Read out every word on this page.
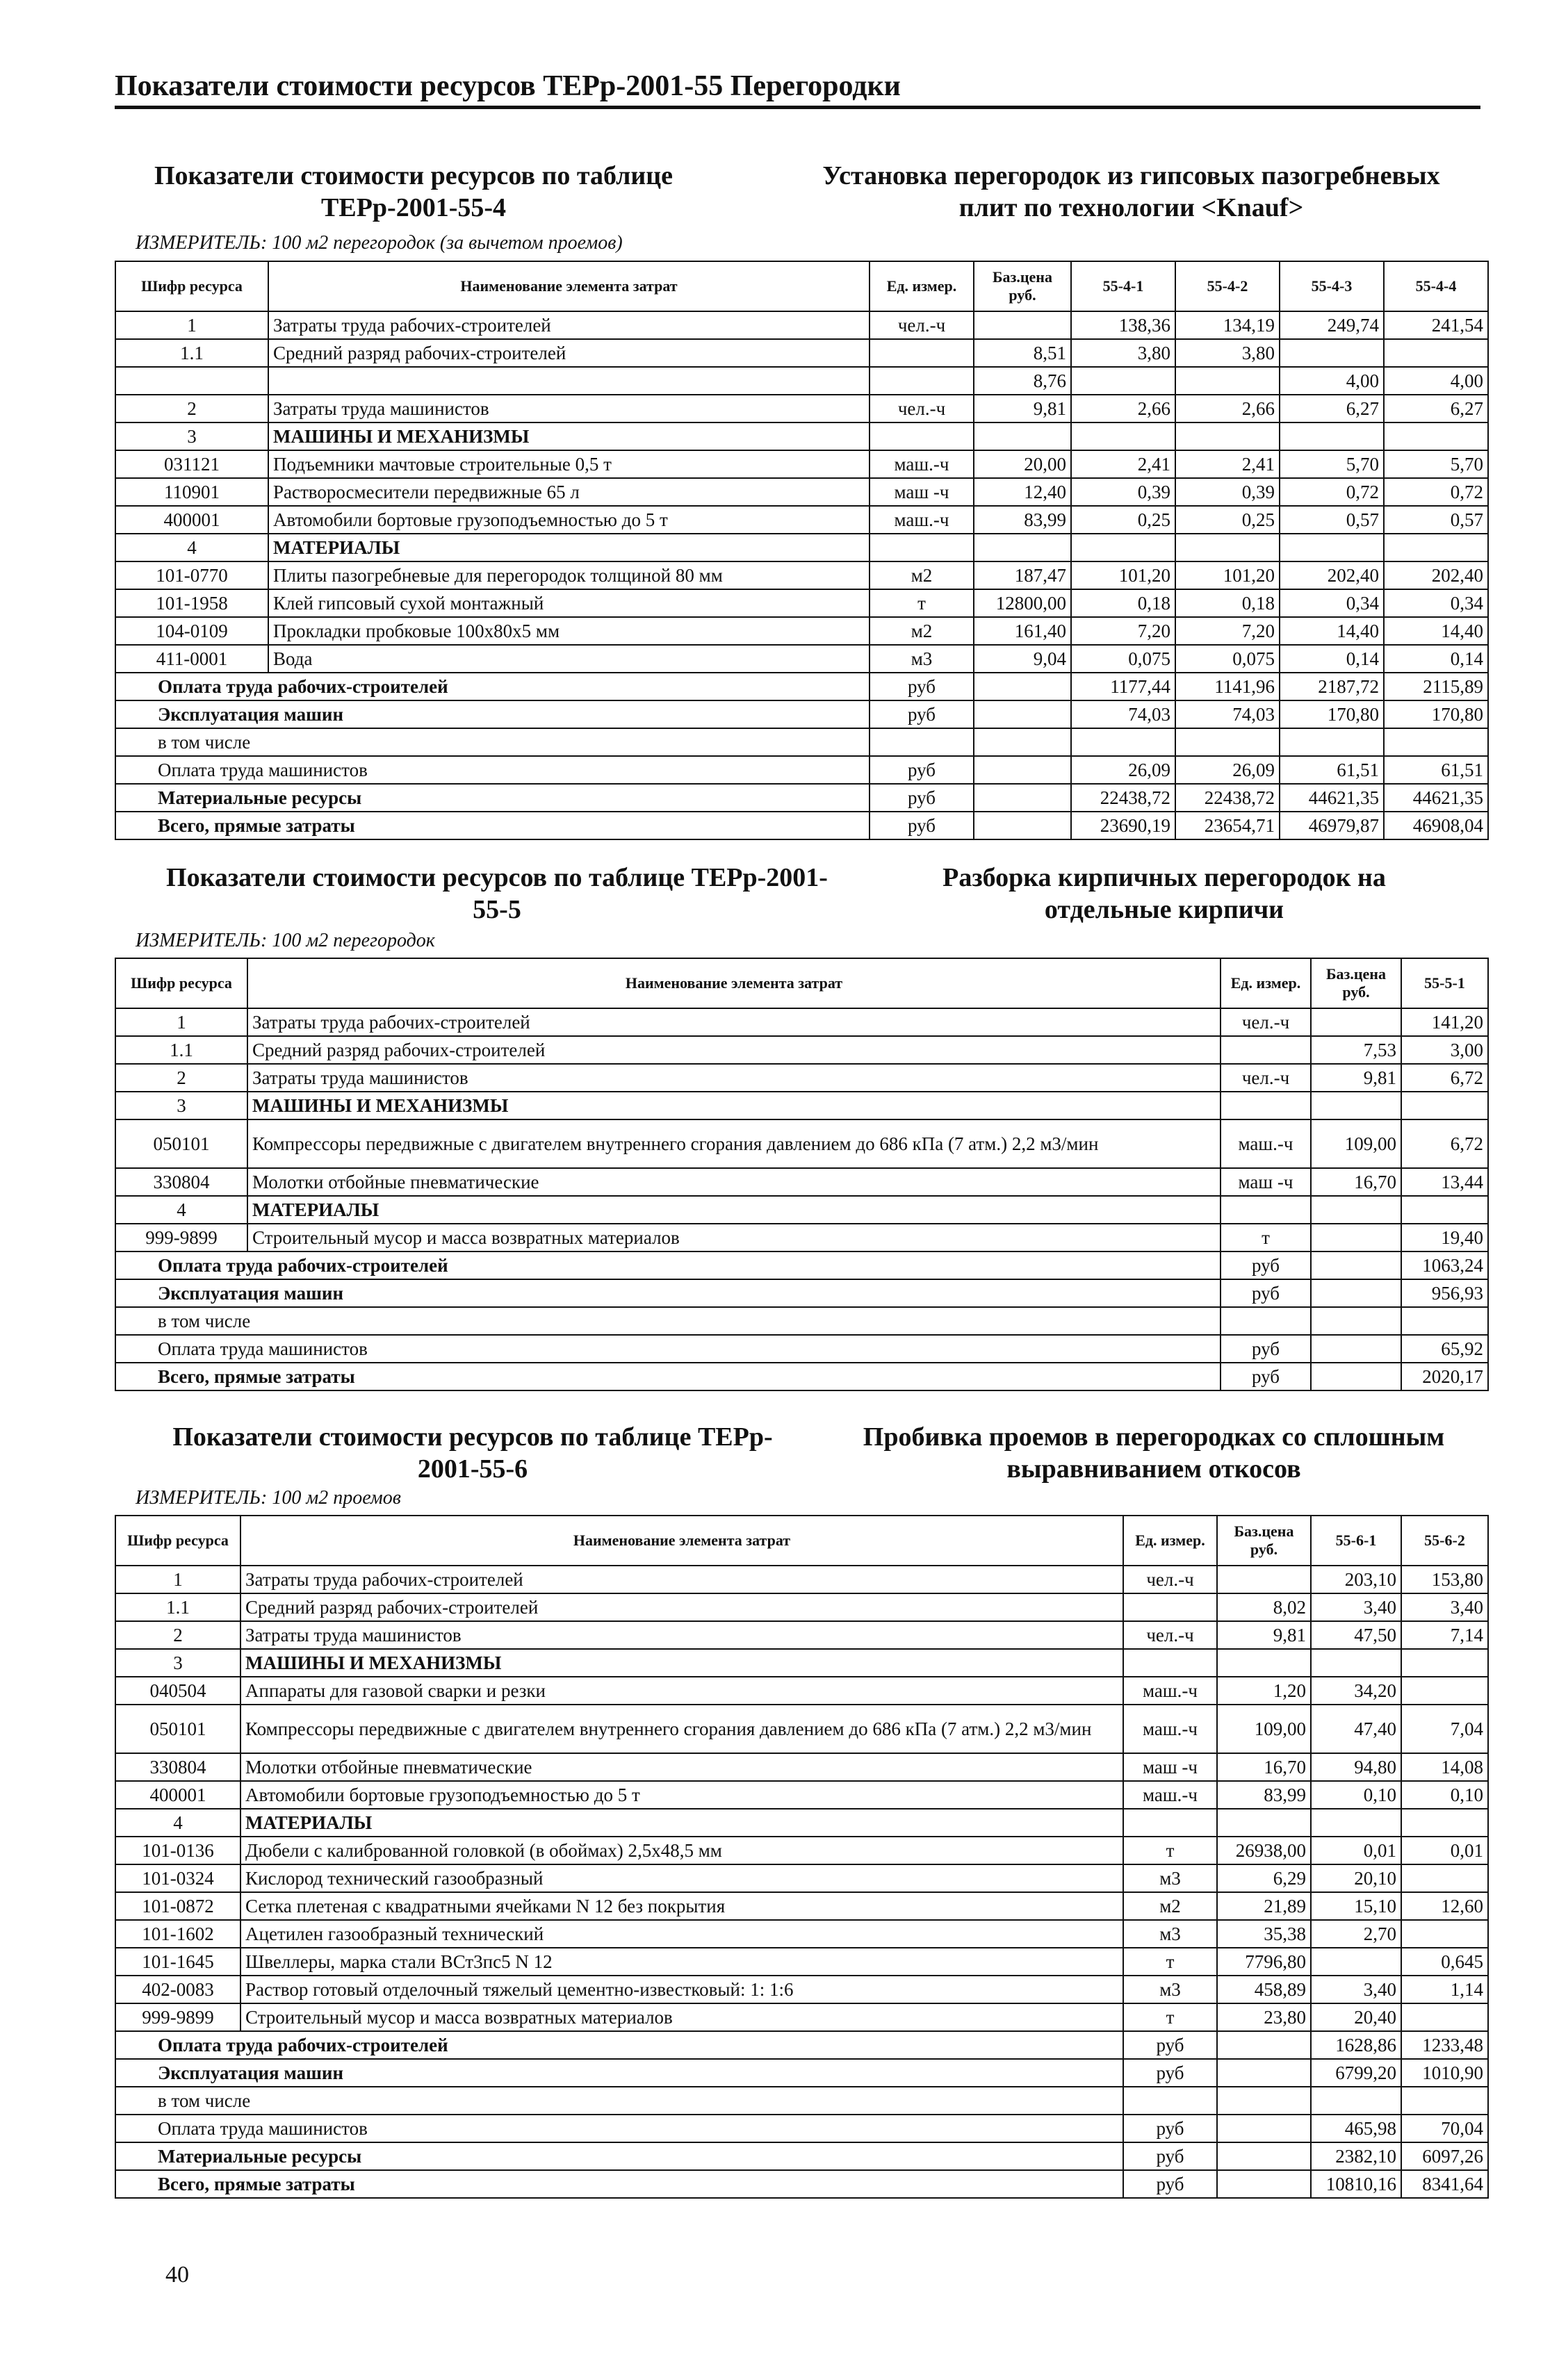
Показатели стоимости ресурсов ТЕРр-2001-55 Перегородки
Показатели стоимости ресурсов по таблице
ТЕРр-2001-55-4
Установка перегородок из гипсовых пазогребневых
плит по технологии <Knauf>
ИЗМЕРИТЕЛЬ: 100 м2 перегородок (за вычетом проемов)
Шифр ресурса	Наименование элемента затрат	Ед. измер.	Баз.цена руб.	55-4-1	55-4-2	55-4-3	55-4-4
1	Затраты труда рабочих-строителей	чел.-ч		138,36	134,19	249,74	241,54
1.1	Средний разряд рабочих-строителей		8,51	3,80	3,80		
			8,76			4,00	4,00
2	Затраты труда машинистов	чел.-ч	9,81	2,66	2,66	6,27	6,27
3	МАШИНЫ И МЕХАНИЗМЫ						
031121	Подъемники мачтовые строительные 0,5 т	маш.-ч	20,00	2,41	2,41	5,70	5,70
110901	Растворосмесители передвижные 65 л	маш -ч	12,40	0,39	0,39	0,72	0,72
400001	Автомобили бортовые грузоподъемностью до 5 т	маш.-ч	83,99	0,25	0,25	0,57	0,57
4	МАТЕРИАЛЫ						
101-0770	Плиты пазогребневые для перегородок толщиной 80 мм	м2	187,47	101,20	101,20	202,40	202,40
101-1958	Клей гипсовый сухой монтажный	т	12800,00	0,18	0,18	0,34	0,34
104-0109	Прокладки пробковые 100х80х5 мм	м2	161,40	7,20	7,20	14,40	14,40
411-0001	Вода	м3	9,04	0,075	0,075	0,14	0,14
Оплата труда рабочих-строителей		руб		1177,44	1141,96	2187,72	2115,89
Эксплуатация машин		руб		74,03	74,03	170,80	170,80
в том числе							
Оплата труда машинистов		руб		26,09	26,09	61,51	61,51
Материальные ресурсы		руб		22438,72	22438,72	44621,35	44621,35
Всего, прямые затраты		руб		23690,19	23654,71	46979,87	46908,04
Показатели стоимости ресурсов по таблице ТЕРр-2001-
55-5
Разборка кирпичных перегородок на
отдельные кирпичи
ИЗМЕРИТЕЛЬ: 100 м2 перегородок
Шифр ресурса	Наименование элемента затрат	Ед. измер.	Баз.цена руб.	55-5-1
1	Затраты труда рабочих-строителей	чел.-ч		141,20
1.1	Средний разряд рабочих-строителей		7,53	3,00
2	Затраты труда машинистов	чел.-ч	9,81	6,72
3	МАШИНЫ И МЕХАНИЗМЫ			
050101	Компрессоры передвижные с двигателем внутреннего сгорания давлением до 686 кПа (7 атм.) 2,2 м3/мин	маш.-ч	109,00	6,72
330804	Молотки отбойные пневматические	маш -ч	16,70	13,44
4	МАТЕРИАЛЫ			
999-9899	Строительный мусор и масса возвратных материалов	т		19,40
Оплата труда рабочих-строителей		руб		1063,24
Эксплуатация машин		руб		956,93
в том числе				
Оплата труда машинистов		руб		65,92
Всего, прямые затраты		руб		2020,17
Показатели стоимости ресурсов по таблице ТЕРр-
2001-55-6
Пробивка проемов в перегородках со сплошным
выравниванием откосов
ИЗМЕРИТЕЛЬ: 100 м2 проемов
Шифр ресурса	Наименование элемента затрат	Ед. измер.	Баз.цена руб.	55-6-1	55-6-2
1	Затраты труда рабочих-строителей	чел.-ч		203,10	153,80
1.1	Средний разряд рабочих-строителей		8,02	3,40	3,40
2	Затраты труда машинистов	чел.-ч	9,81	47,50	7,14
3	МАШИНЫ И МЕХАНИЗМЫ				
040504	Аппараты для газовой сварки и резки	маш.-ч	1,20	34,20	
050101	Компрессоры передвижные с двигателем внутреннего сгорания давлением до 686 кПа (7 атм.) 2,2 м3/мин	маш.-ч	109,00	47,40	7,04
330804	Молотки отбойные пневматические	маш -ч	16,70	94,80	14,08
400001	Автомобили бортовые грузоподъемностью до 5 т	маш.-ч	83,99	0,10	0,10
4	МАТЕРИАЛЫ				
101-0136	Дюбели с калиброванной головкой (в обоймах) 2,5х48,5 мм	т	26938,00	0,01	0,01
101-0324	Кислород технический газообразный	м3	6,29	20,10	
101-0872	Сетка плетеная с квадратными ячейками N 12 без покрытия	м2	21,89	15,10	12,60
101-1602	Ацетилен газообразный технический	м3	35,38	2,70	
101-1645	Швеллеры, марка стали ВСт3пс5 N 12	т	7796,80		0,645
402-0083	Раствор готовый отделочный тяжелый цементно-известковый: 1: 1:6	м3	458,89	3,40	1,14
999-9899	Строительный мусор и масса возвратных материалов	т	23,80	20,40	
Оплата труда рабочих-строителей		руб		1628,86	1233,48
Эксплуатация машин		руб		6799,20	1010,90
в том числе					
Оплата труда машинистов		руб		465,98	70,04
Материальные ресурсы		руб		2382,10	6097,26
Всего, прямые затраты		руб		10810,16	8341,64
40
